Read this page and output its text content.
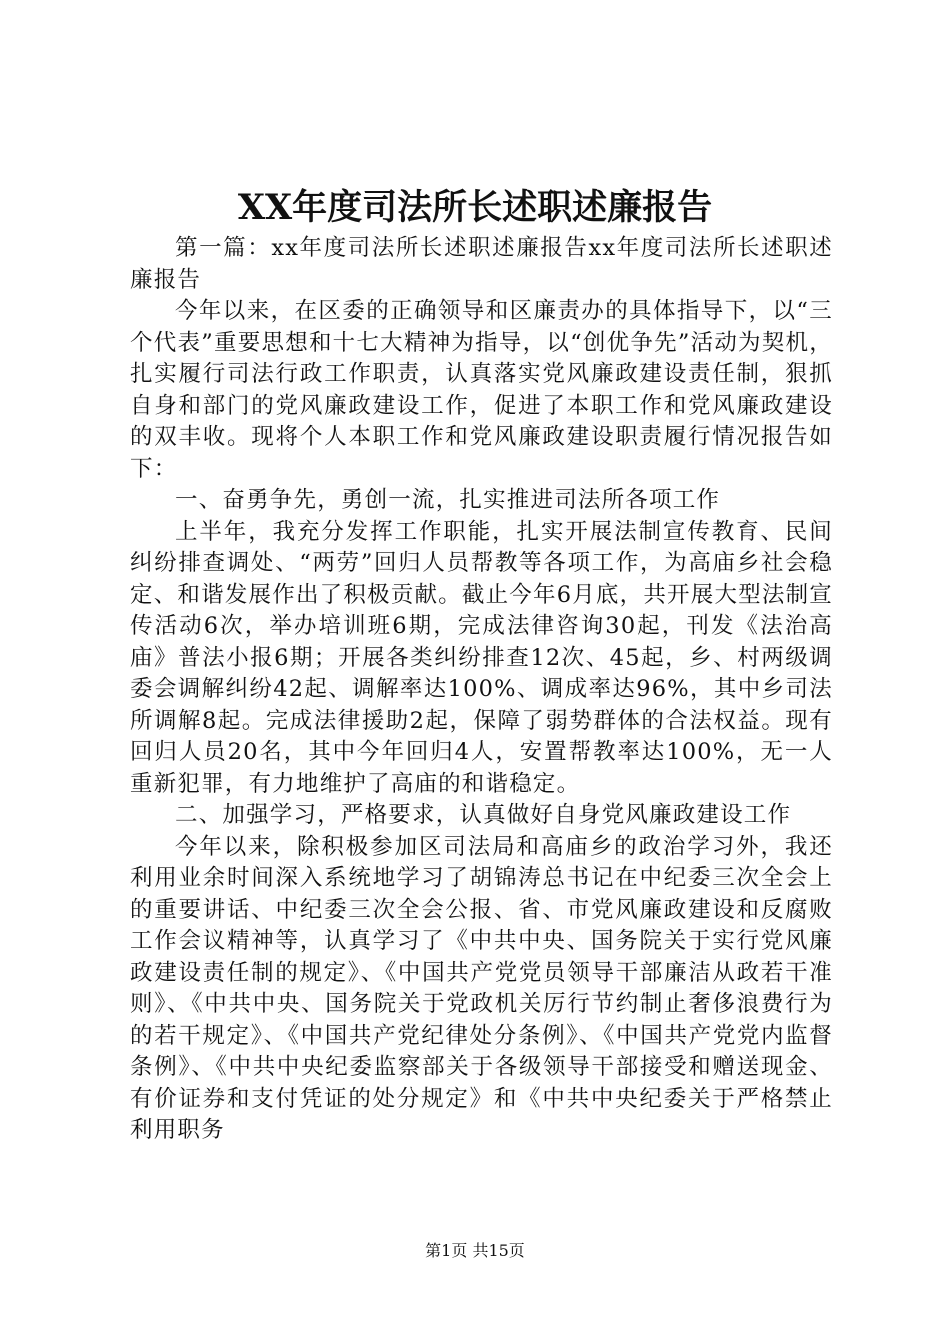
XX年度司法所长述职述廉报告

第一篇：xx年度司法所长述职述廉报告xx年度司法所长述职述廉报告

今年以来，在区委的正确领导和区廉责办的具体指导下，以“三个代表”重要思想和十七大精神为指导，以“创优争先”活动为契机，扎实履行司法行政工作职责，认真落实党风廉政建设责任制，狠抓自身和部门的党风廉政建设工作，促进了本职工作和党风廉政建设的双丰收。现将个人本职工作和党风廉政建设职责履行情况报告如下：

一、奋勇争先，勇创一流，扎实推进司法所各项工作

上半年，我充分发挥工作职能，扎实开展法制宣传教育、民间纠纷排查调处、“两劳”回归人员帮教等各项工作，为高庙乡社会稳定、和谐发展作出了积极贡献。截止今年6月底，共开展大型法制宣传活动6次，举办培训班6期，完成法律咨询30起，刊发《法治高庙》普法小报6期；开展各类纠纷排查12次、45起，乡、村两级调委会调解纠纷42起、调解率达100%、调成率达96%，其中乡司法所调解8起。完成法律援助2起，保障了弱势群体的合法权益。现有回归人员20名，其中今年回归4人，安置帮教率达100%，无一人重新犯罪，有力地维护了高庙的和谐稳定。

二、加强学习，严格要求，认真做好自身党风廉政建设工作

今年以来，除积极参加区司法局和高庙乡的政治学习外，我还利用业余时间深入系统地学习了胡锦涛总书记在中纪委三次全会上的重要讲话、中纪委三次全会公报、省、市党风廉政建设和反腐败工作会议精神等，认真学习了《中共中央、国务院关于实行党风廉政建设责任制的规定》、《中国共产党党员领导干部廉洁从政若干准则》、《中共中央、国务院关于党政机关厉行节约制止奢侈浪费行为的若干规定》、《中国共产党纪律处分条例》、《中国共产党党内监督条例》、《中共中央纪委监察部关于各级领导干部接受和赠送现金、有价证券和支付凭证的处分规定》和《中共中央纪委关于严格禁止利用职务

第1页 共15页
